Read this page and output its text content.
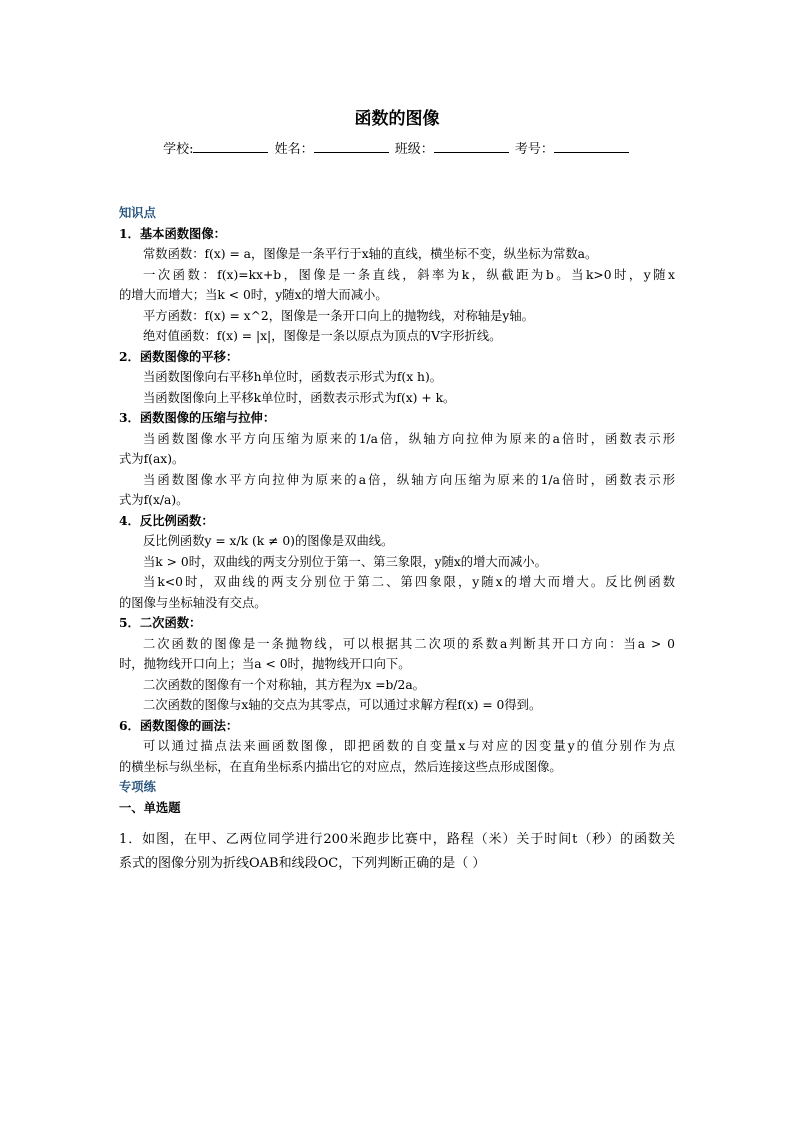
函数的图像
学校:	姓名：	班级：	考号：
知识点
1．基本函数图像：
常数函数：f(x) = a，图像是一条平行于x轴的直线，横坐标不变，纵坐标为常数a。
一次函数：f(x)=kx+b，图像是一条直线，斜率为k，纵截距为b。当k>0时，y随x
的增大而增大；当k < 0时，y随x的增大而减小。
平方函数：f(x) = x^2，图像是一条开口向上的抛物线，对称轴是y轴。
绝对值函数：f(x) = |x|，图像是一条以原点为顶点的V字形折线。
2．函数图像的平移：
当函数图像向右平移h单位时，函数表示形式为f(x h)。
当函数图像向上平移k单位时，函数表示形式为f(x) + k。
3．函数图像的压缩与拉伸：
当函数图像水平方向压缩为原来的1/a倍，纵轴方向拉伸为原来的a倍时，函数表示形
式为f(ax)。
当函数图像水平方向拉伸为原来的a倍，纵轴方向压缩为原来的1/a倍时，函数表示形
式为f(x/a)。
4．反比例函数：
反比例函数y = x/k (k ≠ 0)的图像是双曲线。
当k > 0时，双曲线的两支分别位于第一、第三象限，y随x的增大而减小。
当k<0时，双曲线的两支分别位于第二、第四象限，y随x的增大而增大。反比例函数
的图像与坐标轴没有交点。
5．二次函数：
二次函数的图像是一条抛物线，可以根据其二次项的系数a判断其开口方向：当a > 0
时，抛物线开口向上；当a < 0时，抛物线开口向下。
二次函数的图像有一个对称轴，其方程为x =b/2a。
二次函数的图像与x轴的交点为其零点，可以通过求解方程f(x) = 0得到。
6．函数图像的画法：
可以通过描点法来画函数图像，即把函数的自变量x与对应的因变量y的值分别作为点
的横坐标与纵坐标，在直角坐标系内描出它的对应点，然后连接这些点形成图像。
专项练
一、单选题
1．如图，在甲、乙两位同学进行200米跑步比赛中，路程（米）关于时间t（秒）的函数关
系式的图像分别为折线OAB和线段OC，下列判断正确的是（ ）
